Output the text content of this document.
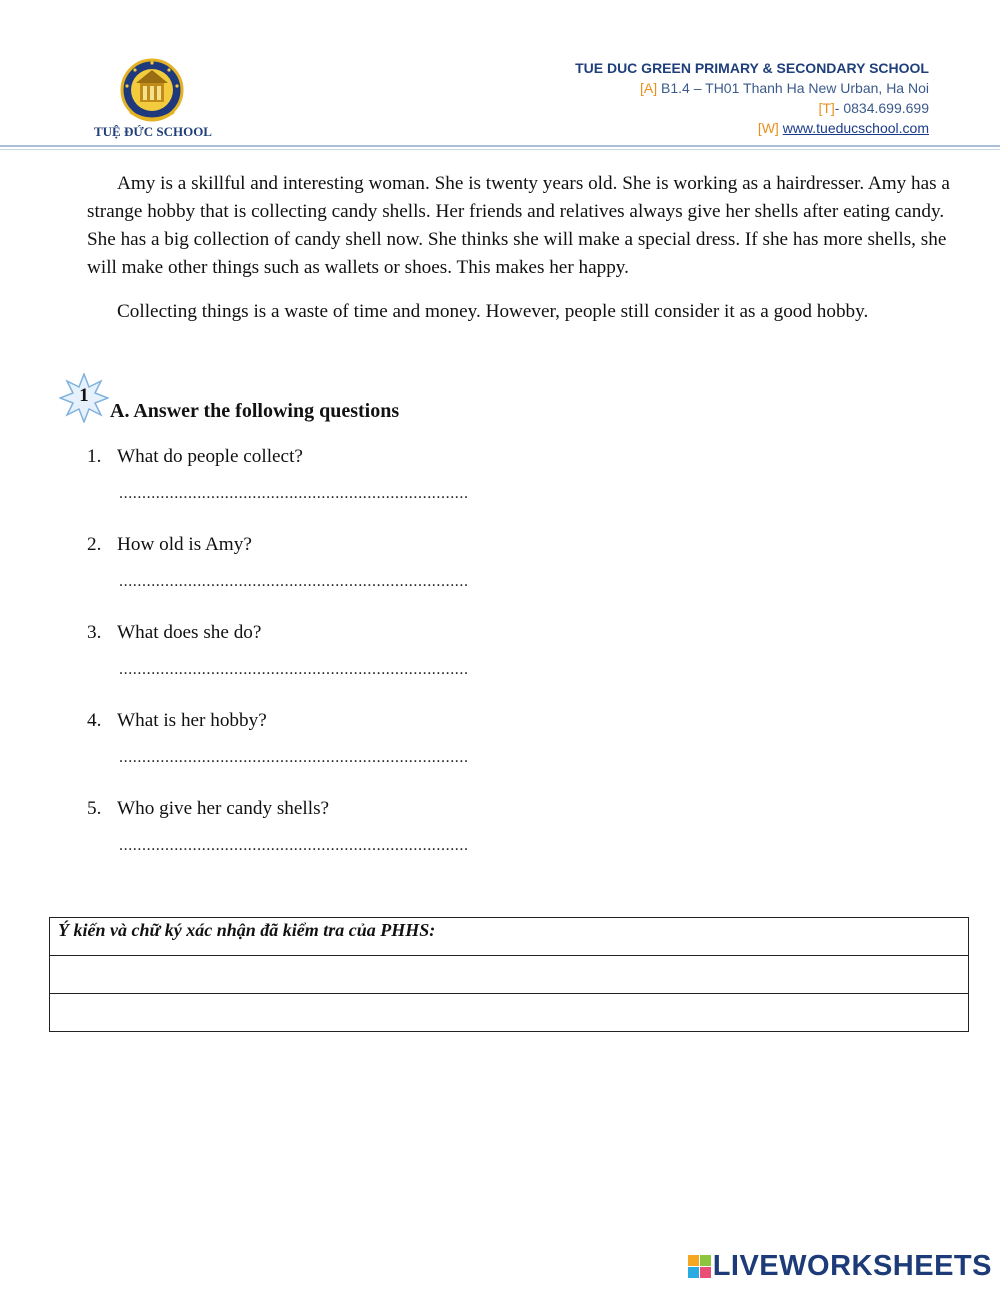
TUỆ ĐỨC SCHOOL
TUE DUC GREEN PRIMARY & SECONDARY SCHOOL
[A] B1.4 – TH01 Thanh Ha New Urban, Ha Noi
[T]- 0834.699.699
[W] www.tueducschool.com

Amy is a skillful and interesting woman. She is twenty years old. She is working as a hairdresser. Amy has a strange hobby that is collecting candy shells. Her friends and relatives always give her shells after eating candy. She has a big collection of candy shell now. She thinks she will make a special dress. If she has more shells, she will make other things such as wallets or shoes. This makes her happy.

Collecting things is a waste of time and money. However, people still consider it as a good hobby.

1
A. Answer the following questions
1. What do people collect?
............................................................................
2. How old is Amy?
............................................................................
3. What does she do?
............................................................................
4. What is her hobby?
............................................................................
5. Who give her candy shells?
............................................................................
Ý kiến và chữ ký xác nhận đã kiểm tra của PHHS:

LIVEWORKSHEETS
